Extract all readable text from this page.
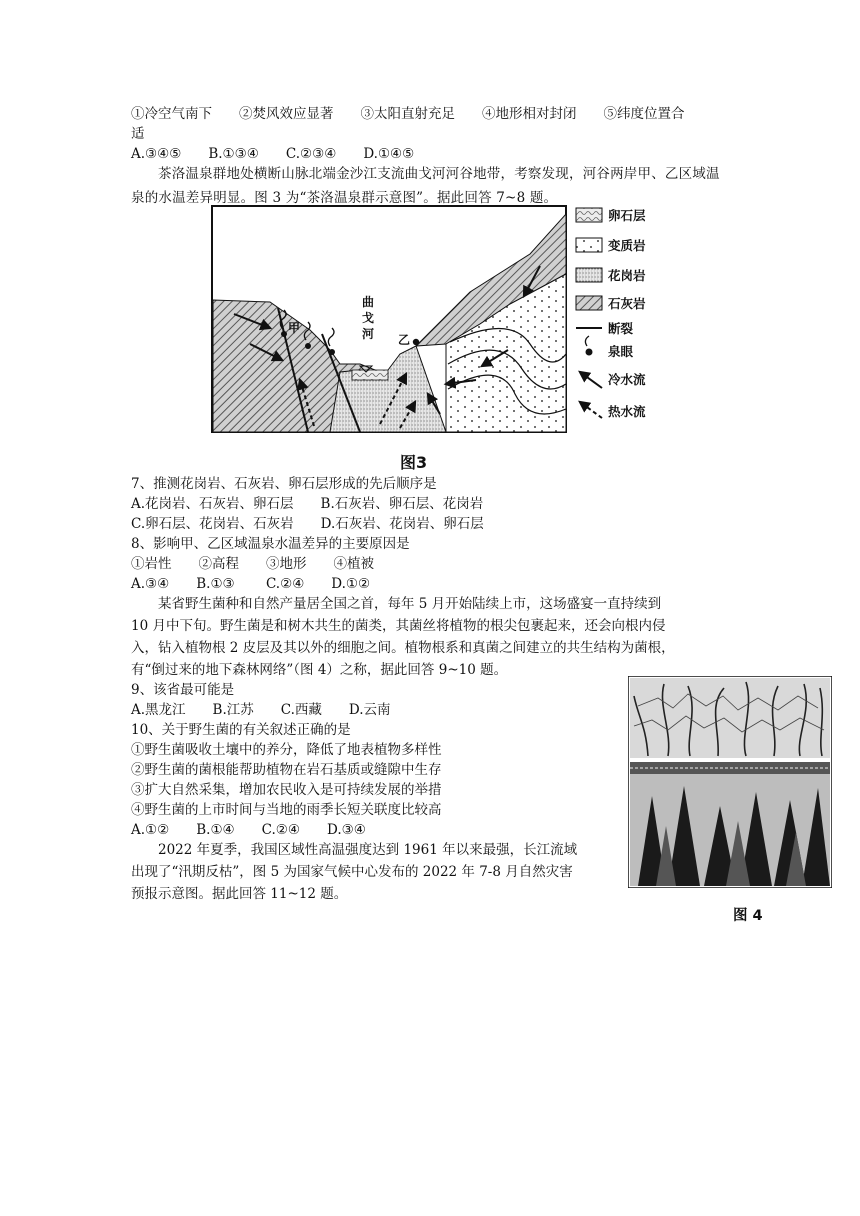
①冷空气南下　　②焚风效应显著　　③太阳直射充足　　④地形相对封闭　　⑤纬度位置合
适
A.③④⑤　　B.①③④　　C.②③④　　D.①④⑤
茶洛温泉群地处横断山脉北端金沙江支流曲戈河河谷地带，考察发现，河谷两岸甲、乙区域温泉的水温差异明显。图 3 为“茶洛温泉群示意图”。据此回答 7~8 题。
甲
乙
曲
戈
河
卵石层
变质岩
花岗岩
石灰岩
断裂
泉眼
冷水流
热水流
图3
7、推测花岗岩、石灰岩、卵石层形成的先后顺序是
A.花岗岩、石灰岩、卵石层　　B.石灰岩、卵石层、花岗岩
C.卵石层、花岗岩、石灰岩　　D.石灰岩、花岗岩、卵石层
8、影响甲、乙区域温泉水温差异的主要原因是
①岩性　　②高程　　③地形　　④植被
A.③④　　B.①③　　 C.②④　　D.①②
某省野生菌种和自然产量居全国之首，每年 5 月开始陆续上市，这场盛宴一直持续到
10 月中下旬。野生菌是和树木共生的菌类，其菌丝将植物的根尖包裹起来，还会向根内侵
入，钻入植物根 2 皮层及其以外的细胞之间。植物根系和真菌之间建立的共生结构为菌根，
有“倒过来的地下森林网络”（图 4）之称，据此回答 9~10 题。
9、该省最可能是
A.黑龙江　　B.江苏　　C.西藏　　D.云南
10、关于野生菌的有关叙述正确的是
①野生菌吸收土壤中的养分，降低了地表植物多样性
②野生菌的菌根能帮助植物在岩石基质或缝隙中生存
③扩大自然采集，增加农民收入是可持续发展的举措
④野生菌的上市时间与当地的雨季长短关联度比较高
A.①②　　B.①④　　C.②④　　D.③④
2022 年夏季，我国区域性高温强度达到 1961 年以来最强，长江流域
出现了“汛期反枯”，图 5 为国家气候中心发布的 2022 年 7-8 月自然灾害
预报示意图。据此回答 11~12 题。
图 4
